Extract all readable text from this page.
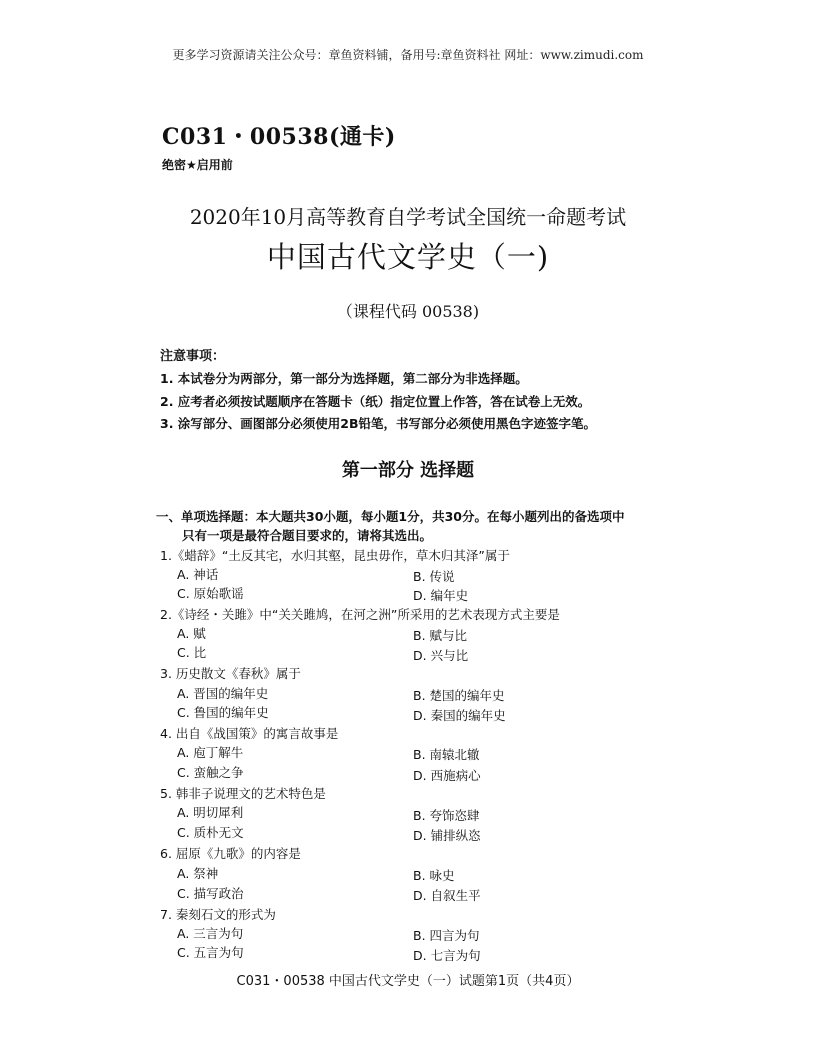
更多学习资源请关注公众号：章鱼资料铺，备用号:章鱼资料社 网址：www.zimudi.com
C031・00538(通卡)
绝密★启用前
2020年10月高等教育自学考试全国统一命题考试
中国古代文学史（一)
（课程代码 00538)
注意事项：
1. 本试卷分为两部分，第一部分为选择题，第二部分为非选择题。
2. 应考者必须按试题顺序在答题卡（纸）指定位置上作答，答在试卷上无效。
3. 涂写部分、画图部分必须使用2B铅笔，书写部分必须使用黑色字迹签字笔。
第一部分 选择题
一、单项选择题：本大题共30小题，每小题1分，共30分。在每小题列出的备选项中
只有一项是最符合题目要求的，请将其选出。
1.《蜡辞》“土反其宅，水归其壑，昆虫毋作，草木归其泽”属于
A. 神话	B. 传说
C. 原始歌谣	D. 编年史
2.《诗经・关雎》中“关关雎鸠，在河之洲”所采用的艺术表现方式主要是
A. 赋	B. 赋与比
C. 比	D. 兴与比
3. 历史散文《春秋》属于
A. 晋国的编年史	B. 楚国的编年史
C. 鲁国的编年史	D. 秦国的编年史
4. 出自《战国策》的寓言故事是
A. 庖丁解牛	B. 南辕北辙
C. 蛮触之争	D. 西施病心
5. 韩非子说理文的艺术特色是
A. 明切犀利	B. 夸饰恣肆
C. 质朴无文	D. 铺排纵恣
6. 屈原《九歌》的内容是
A. 祭神	B. 咏史
C. 描写政治	D. 自叙生平
7. 秦刻石文的形式为
A. 三言为句	B. 四言为句
C. 五言为句	D. 七言为句
C031・00538 中国古代文学史（一）试题第1页（共4页）
